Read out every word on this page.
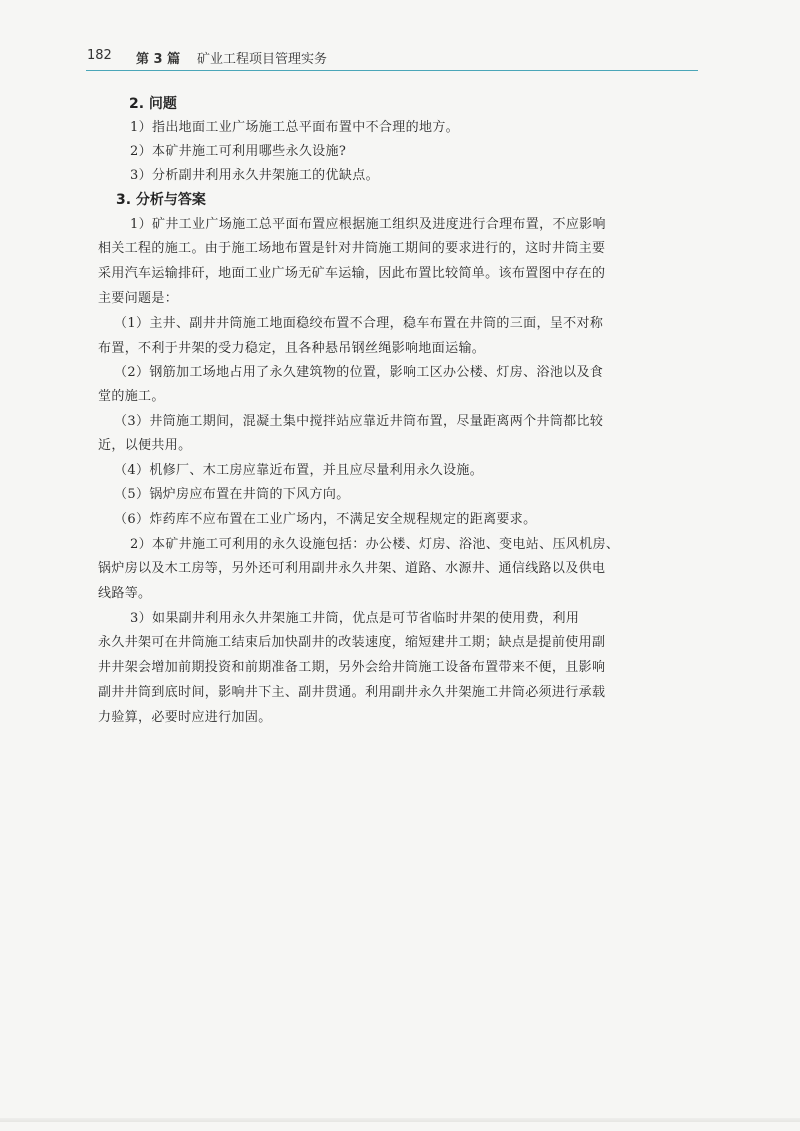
182 第 3 篇 矿业工程项目管理实务
2. 问题
1）指出地面工业广场施工总平面布置中不合理的地方。
2）本矿井施工可利用哪些永久设施?
3）分析副井利用永久井架施工的优缺点。
3. 分析与答案
1）矿井工业广场施工总平面布置应根据施工组织及进度进行合理布置，不应影响
相关工程的施工。由于施工场地布置是针对井筒施工期间的要求进行的，这时井筒主要
采用汽车运输排矸，地面工业广场无矿车运输，因此布置比较简单。该布置图中存在的
主要问题是：
（1）主井、副井井筒施工地面稳绞布置不合理，稳车布置在井筒的三面，呈不对称
布置，不利于井架的受力稳定，且各种悬吊钢丝绳影响地面运输。
（2）钢筋加工场地占用了永久建筑物的位置，影响工区办公楼、灯房、浴池以及食
堂的施工。
（3）井筒施工期间，混凝土集中搅拌站应靠近井筒布置，尽量距离两个井筒都比较
近，以便共用。
（4）机修厂、木工房应靠近布置，并且应尽量利用永久设施。
（5）锅炉房应布置在井筒的下风方向。
（6）炸药库不应布置在工业广场内，不满足安全规程规定的距离要求。
2）本矿井施工可利用的永久设施包括：办公楼、灯房、浴池、变电站、压风机房、
锅炉房以及木工房等，另外还可利用副井永久井架、道路、水源井、通信线路以及供电
线路等。
3）如果副井利用永久井架施工井筒，优点是可节省临时井架的使用费，利用
永久井架可在井筒施工结束后加快副井的改装速度，缩短建井工期；缺点是提前使用副
井井架会增加前期投资和前期准备工期，另外会给井筒施工设备布置带来不便，且影响
副井井筒到底时间，影响井下主、副井贯通。利用副井永久井架施工井筒必须进行承载
力验算，必要时应进行加固。
